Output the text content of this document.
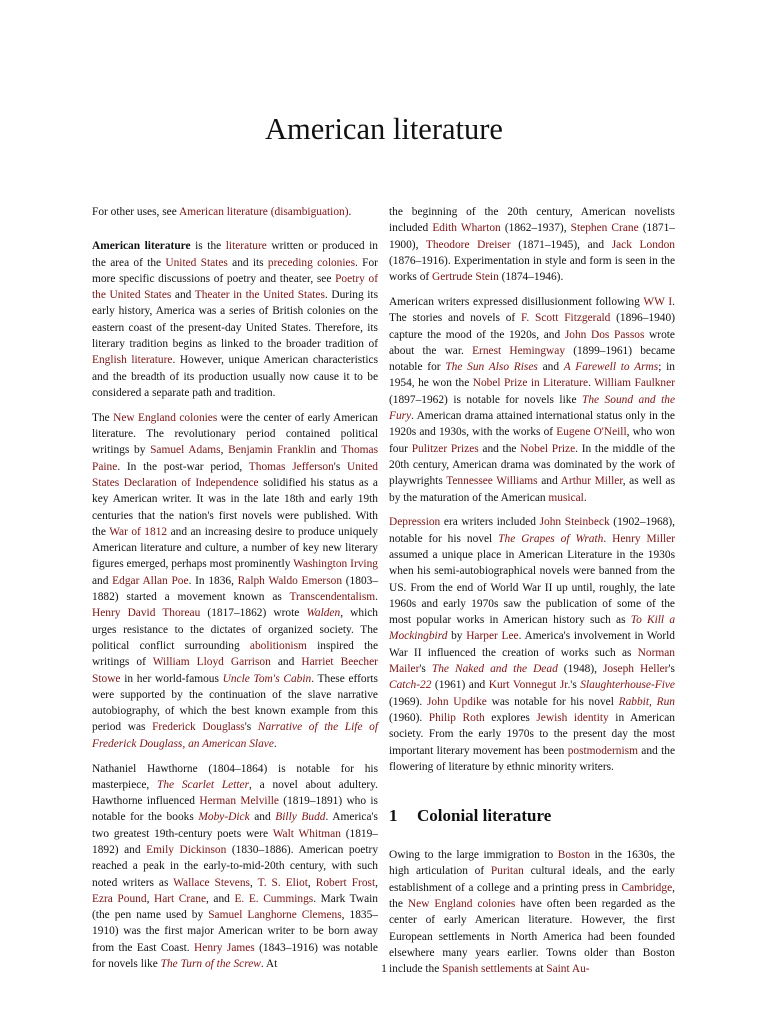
American literature

For other uses, see American literature (disambiguation).

American literature is the literature written or produced in the area of the United States and its preceding colonies. For more specific discussions of poetry and theater, see Poetry of the United States and Theater in the United States. During its early history, America was a series of British colonies on the eastern coast of the present-day United States. Therefore, its literary tradition begins as linked to the broader tradition of English literature. However, unique American characteristics and the breadth of its production usually now cause it to be considered a separate path and tradition.

The New England colonies were the center of early American literature. The revolutionary period contained political writings by Samuel Adams, Benjamin Franklin and Thomas Paine. In the post-war period, Thomas Jefferson's United States Declaration of Independence solidified his status as a key American writer. It was in the late 18th and early 19th centuries that the nation's first novels were published. With the War of 1812 and an increasing desire to produce uniquely American literature and culture, a number of key new literary figures emerged, perhaps most prominently Washington Irving and Edgar Allan Poe. In 1836, Ralph Waldo Emerson (1803–1882) started a movement known as Transcendentalism. Henry David Thoreau (1817–1862) wrote Walden, which urges resistance to the dictates of organized society. The political conflict surrounding abolitionism inspired the writings of William Lloyd Garrison and Harriet Beecher Stowe in her world-famous Uncle Tom's Cabin. These efforts were supported by the continuation of the slave narrative autobiography, of which the best known example from this period was Frederick Douglass's Narrative of the Life of Frederick Douglass, an American Slave.

Nathaniel Hawthorne (1804–1864) is notable for his masterpiece, The Scarlet Letter, a novel about adultery. Hawthorne influenced Herman Melville (1819–1891) who is notable for the books Moby-Dick and Billy Budd. America's two greatest 19th-century poets were Walt Whitman (1819–1892) and Emily Dickinson (1830–1886). American poetry reached a peak in the early-to-mid-20th century, with such noted writers as Wallace Stevens, T. S. Eliot, Robert Frost, Ezra Pound, Hart Crane, and E. E. Cummings. Mark Twain (the pen name used by Samuel Langhorne Clemens, 1835–1910) was the first major American writer to be born away from the East Coast. Henry James (1843–1916) was notable for novels like The Turn of the Screw. At

the beginning of the 20th century, American novelists included Edith Wharton (1862–1937), Stephen Crane (1871–1900), Theodore Dreiser (1871–1945), and Jack London (1876–1916). Experimentation in style and form is seen in the works of Gertrude Stein (1874–1946).

American writers expressed disillusionment following WW I. The stories and novels of F. Scott Fitzgerald (1896–1940) capture the mood of the 1920s, and John Dos Passos wrote about the war. Ernest Hemingway (1899–1961) became notable for The Sun Also Rises and A Farewell to Arms; in 1954, he won the Nobel Prize in Literature. William Faulkner (1897–1962) is notable for novels like The Sound and the Fury. American drama attained international status only in the 1920s and 1930s, with the works of Eugene O'Neill, who won four Pulitzer Prizes and the Nobel Prize. In the middle of the 20th century, American drama was dominated by the work of playwrights Tennessee Williams and Arthur Miller, as well as by the maturation of the American musical.

Depression era writers included John Steinbeck (1902–1968), notable for his novel The Grapes of Wrath. Henry Miller assumed a unique place in American Literature in the 1930s when his semi-autobiographical novels were banned from the US. From the end of World War II up until, roughly, the late 1960s and early 1970s saw the publication of some of the most popular works in American history such as To Kill a Mockingbird by Harper Lee. America's involvement in World War II influenced the creation of works such as Norman Mailer's The Naked and the Dead (1948), Joseph Heller's Catch-22 (1961) and Kurt Vonnegut Jr.'s Slaughterhouse-Five (1969). John Updike was notable for his novel Rabbit, Run (1960). Philip Roth explores Jewish identity in American society. From the early 1970s to the present day the most important literary movement has been postmodernism and the flowering of literature by ethnic minority writers.

1 Colonial literature

Owing to the large immigration to Boston in the 1630s, the high articulation of Puritan cultural ideals, and the early establishment of a college and a printing press in Cambridge, the New England colonies have often been regarded as the center of early American literature. However, the first European settlements in North America had been founded elsewhere many years earlier. Towns older than Boston include the Spanish settlements at Saint Au-

1
